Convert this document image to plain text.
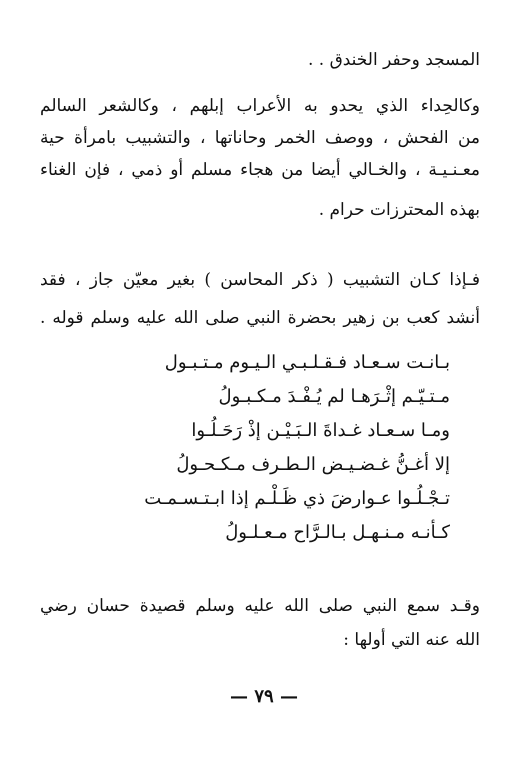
المسجد وحفر الخندق . .
وكالحِداء الذي يحدو به الأعراب إبلهم ، وكالشعر السالم
من الفحش ، ووصف الخمر وحاناتها ، والتشبيب بامرأة حية
معـنـيـة ، والخـالي أيضا من هجاء مسلم أو ذمي ، فإن الغناء
بهذه المحترزات حرام .
فـإذا كـان التشبيب ( ذكر المحاسن ) بغير معيّن جاز ، فقد
أنشد كعب بن زهير بحضرة النبي صلى الله عليه وسلم قوله .
بـانـت سـعـاد فـقـلـبـي الـيـوم مـتـبـول
مـتـيّـم إثْـرَهـا لم يُـفْـدَ مـكـبـولُ
ومـا سـعـاد غـداةَ الـبَـيْـن إذْ رَحَـلُـوا
إلا أغـنُّ غـضـيـض الـطـرف مـكـحـولُ
تـجْـلُـوا عـوارضَ ذي ظَـلْـم إذا ابـتـسـمـت
كـأنـه مـنـهـل بـالـرَّاح مـعـلـولُ
وقـد سمع النبي صلى الله عليه وسلم قصيدة حسان رضي
الله عنه التي أولها :
— ٧٩ —
